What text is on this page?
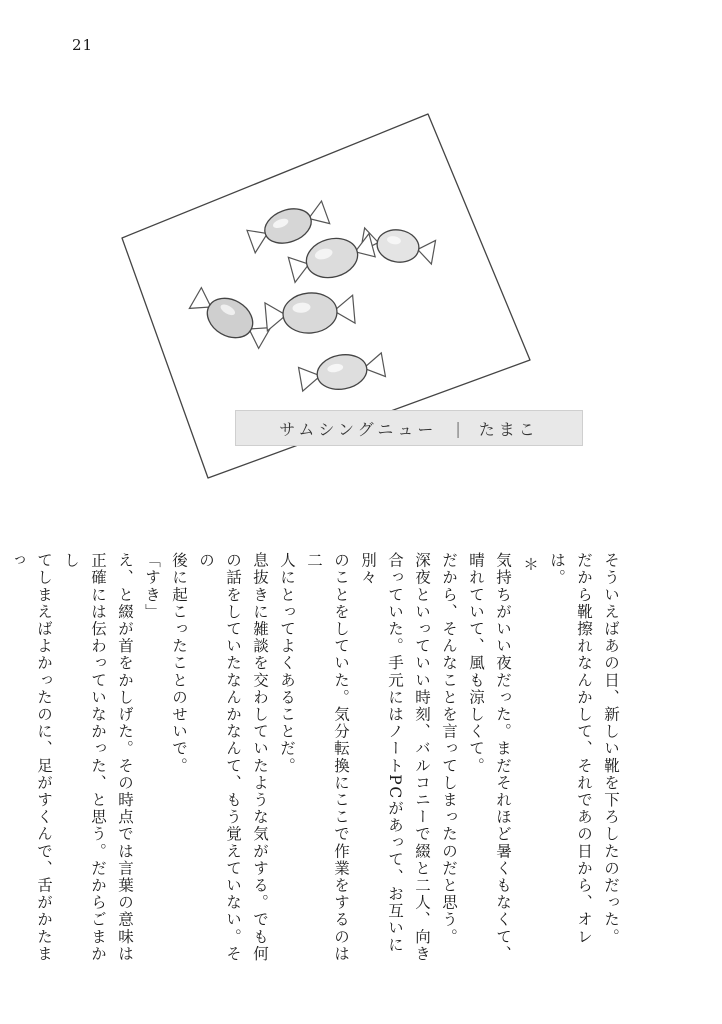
21
サムシングニュー | たまこ

そういえばあの日、新しい靴を下ろしたのだった。

だから靴擦れなんかして、それであの日から、オレは。

＊

気持ちがいい夜だった。まだそれほど暑くもなくて、

晴れていて、風も涼しくて。

だから、そんなことを言ってしまったのだと思う。

深夜といっていい時刻、バルコニーで綴と二人、向き

合っていた。手元にはノートPCがあって、お互いに別々

のことをしていた。気分転換にここで作業をするのは二

人にとってよくあることだ。

息抜きに雑談を交わしていたような気がする。でも何

の話をしていたなんかなんて、もう覚えていない。その

後に起こったことのせいで。

「すき」

え、と綴が首をかしげた。その時点では言葉の意味は

正確には伝わっていなかった、と思う。だからごまかし

てしまえばよかったのに、足がすくんで、舌がかたまっ
